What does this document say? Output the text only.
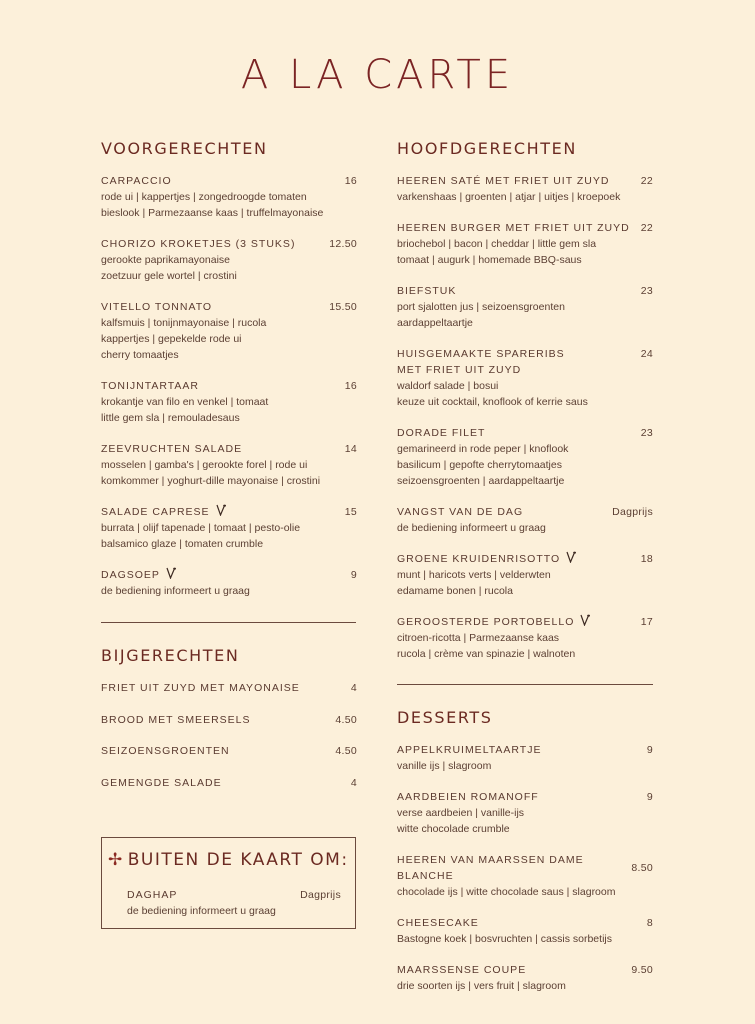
A LA CARTE
VOORGERECHTEN
CARPACCIO	16
rode ui | kappertjes | zongedroogde tomaten
bieslook | Parmezaanse kaas | truffelmayonaise
CHORIZO KROKETJES (3 STUKS)	12.50
gerookte paprikamayonaise
zoetzuur gele wortel | crostini
VITELLO TONNATO	15.50
kalfsmuis | tonijnmayonaise | rucola
kappertjes | gepekelde rode ui
cherry tomaatjes
TONIJNTARTAAR	16
krokantje van filo en venkel | tomaat
little gem sla | remouladesaus
ZEEVRUCHTEN SALADE	14
mosselen | gamba's | gerookte forel | rode ui
komkommer | yoghurt-dille mayonaise | crostini
SALADE CAPRESE	15
burrata | olijf tapenade | tomaat | pesto-olie
balsamico glaze | tomaten crumble
DAGSOEP	9
de bediening informeert u graag
BIJGERECHTEN
FRIET UIT ZUYD MET MAYONAISE	4
BROOD MET SMEERSELS	4.50
SEIZOENSGROENTEN	4.50
GEMENGDE SALADE	4
✢ BUITEN DE KAART OM:
DAGHAP	Dagprijs
de bediening informeert u graag
HOOFDGERECHTEN
HEEREN SATÉ MET FRIET UIT ZUYD	22
varkenshaas | groenten | atjar | uitjes | kroepoek
HEEREN BURGER MET FRIET UIT ZUYD 22
briochebol | bacon | cheddar | little gem sla
tomaat | augurk | homemade BBQ-saus
BIEFSTUK	23
port sjalotten jus | seizoensgroenten
aardappeltaartje
HUISGEMAAKTE SPARERIBS	24
MET FRIET UIT ZUYD
waldorf salade | bosui
keuze uit cocktail, knoflook of kerrie saus
DORADE FILET	23
gemarineerd in rode peper | knoflook
basilicum | gepofte cherrytomaatjes
seizoensgroenten | aardappeltaartje
VANGST VAN DE DAG	Dagprijs
de bediening informeert u graag
GROENE KRUIDENRISOTTO	18
munt | haricots verts | velderwten
edamame bonen | rucola
GEROOSTERDE PORTOBELLO	17
citroen-ricotta | Parmezaanse kaas
rucola | crème van spinazie | walnoten
DESSERTS
APPELKRUIMELTAARTJE	9
vanille ijs | slagroom
AARDBEIEN ROMANOFF	9
verse aardbeien | vanille-ijs
witte chocolade crumble
HEEREN VAN MAARSSEN DAME BLANCHE
8.50
chocolade ijs | witte chocolade saus | slagroom
CHEESECAKE	8
Bastogne koek | bosvruchten | cassis sorbetijs
MAARSSENSE COUPE	9.50
drie soorten ijs | vers fruit | slagroom
